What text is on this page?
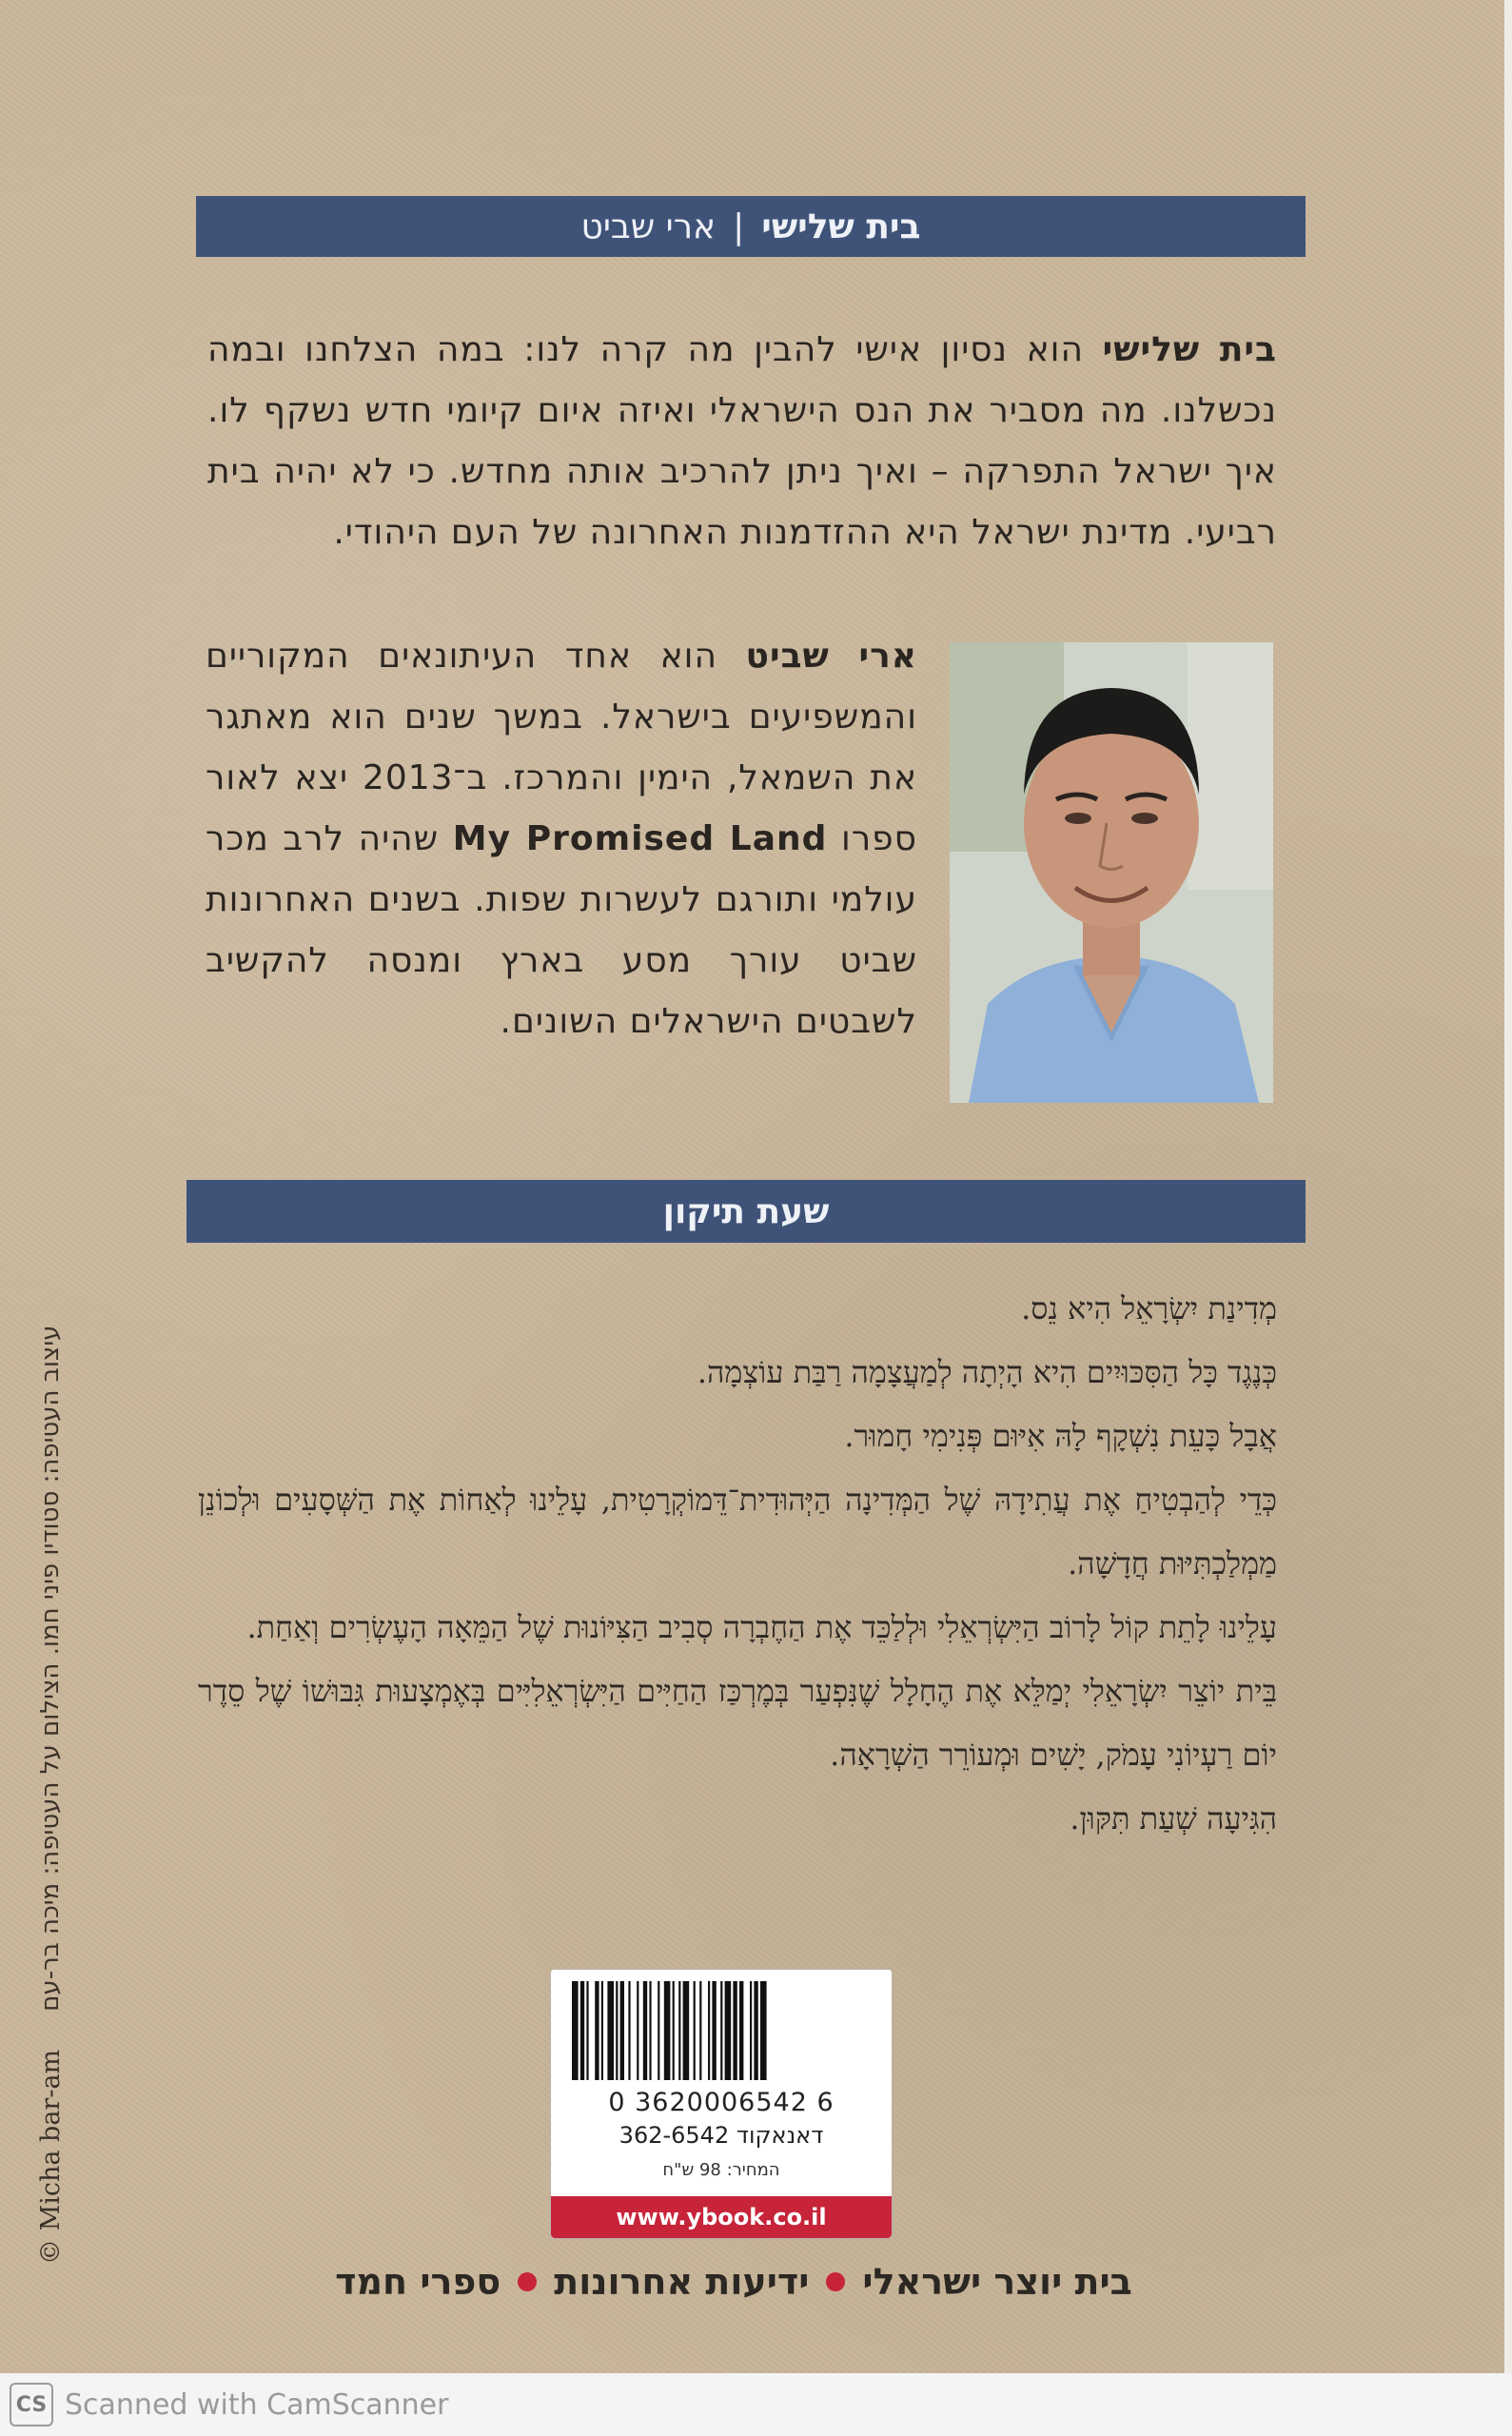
בית שלישי
|
ארי שביט
בית שלישי הוא נסיון אישי להבין מה קרה לנו: במה הצלחנו ובמה נכשלנו. מה מסביר את הנס הישראלי ואיזה איום קיומי חדש נשקף לו. איך ישראל התפרקה – ואיך ניתן להרכיב אותה מחדש. כי לא יהיה בית רביעי. מדינת ישראל היא ההזדמנות האחרונה של העם היהודי.
ארי שביט הוא אחד העיתונאים המקוריים והמשפיעים בישראל. במשך שנים הוא מאתגר את השמאל, הימין והמרכז. ב־2013 יצא לאור ספרו My Promised Land שהיה לרב מכר עולמי ותורגם לעשרות שפות. בשנים האחרונות שביט עורך מסע בארץ ומנסה להקשיב לשבטים הישראלים השונים.
שעת תיקון

מְדִינַת יִשְׂרָאֵל הִיא נֵס.

כְּנֶגֶד כָּל הַסִּכּוּיִים הִיא הָיְתָה לְמַעֲצָמָה רַבַּת עוֹצְמָה.

אֲבָל כָּעֵת נִשְׁקָף לָהּ אִיּוּם פְּנִימִי חָמוּר.

כְּדֵי לְהַבְטִיחַ אֶת עֲתִידָהּ שֶׁל הַמְּדִינָה הַיְּהוּדִית־דֵּמוֹקְרָטִית, עָלֵינוּ לְאַחוֹת אֶת הַשְּׁסָעִים וּלְכוֹנֵן מַמְלַכְתִּיּוּת חֲדָשָׁה.

עָלֵינוּ לָתֵת קוֹל לָרוֹב הַיִּשְׂרְאֵלִי וּלְלַכֵּד אֶת הַחֶבְרָה סְבִיב הַצִּיּוֹנוּת שֶׁל הַמֵּאָה הָעֶשְׂרִים וְאַחַת.

בֵּית יוֹצֵר יִשְׂרָאֵלִי יְמַלֵּא אֶת הֶחָלָל שֶׁנִּפְעַר בְּמֶרְכַּז הַחַיִּים הַיִּשְׂרְאֵלִיִּים בְּאֶמְצָעוּת גִּבּוּשׁוֹ שֶׁל סֵדֶר יוֹם רַעְיוֹנִי עָמֹק, יָשִׁים וּמְעוֹרֵר הַשְׁרָאָה.

הִגִּיעָה שְׁעַת תִּקּוּן.

© Micha bar-am
עיצוב העטיפה: סטודיו פיני חמו. הצילום על העטיפה: מיכה בר-עם
0 3620006542 6
דאנאקוד 362-6542
המחיר: 98 ש"ח
www.ybook.co.il
בית יוצר ישראלי
ידיעות אחרונות
ספרי חמד
CS Scanned with CamScanner
